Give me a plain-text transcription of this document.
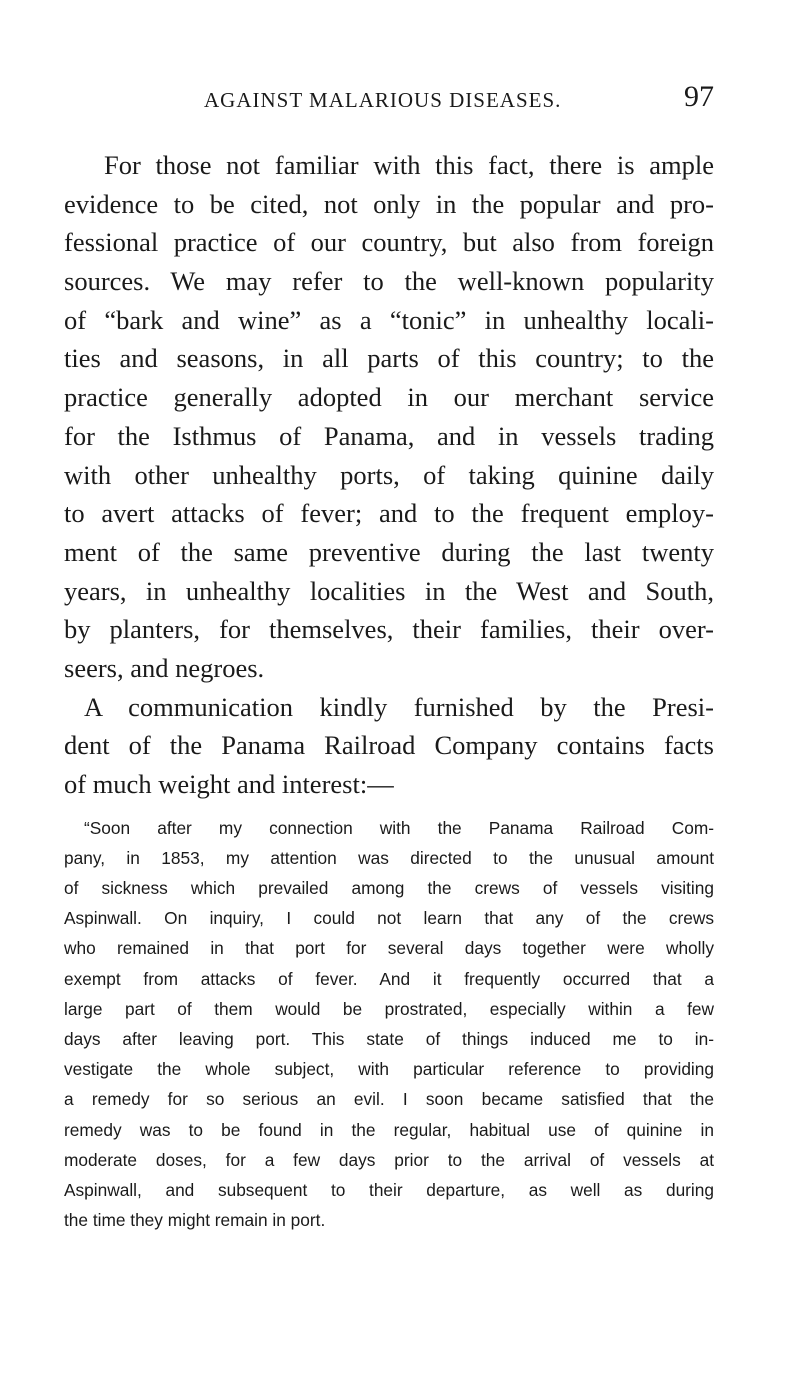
AGAINST MALARIOUS DISEASES.	97
For those not familiar with this fact, there is ample
evidence to be cited, not only in the popular and pro-
fessional practice of our country, but also from foreign
sources. We may refer to the well-known popularity
of “bark and wine” as a “tonic” in unhealthy locali-
ties and seasons, in all parts of this country; to the
practice generally adopted in our merchant service
for the Isthmus of Panama, and in vessels trading
with other unhealthy ports, of taking quinine daily
to avert attacks of fever; and to the frequent employ-
ment of the same preventive during the last twenty
years, in unhealthy localities in the West and South,
by planters, for themselves, their families, their over-
seers, and negroes.
A communication kindly furnished by the Presi-
dent of the Panama Railroad Company contains facts
of much weight and interest:—
“Soon after my connection with the Panama Railroad Com-
pany, in 1853, my attention was directed to the unusual amount
of sickness which prevailed among the crews of vessels visiting
Aspinwall. On inquiry, I could not learn that any of the crews
who remained in that port for several days together were wholly
exempt from attacks of fever. And it frequently occurred that a
large part of them would be prostrated, especially within a few
days after leaving port. This state of things induced me to in-
vestigate the whole subject, with particular reference to providing
a remedy for so serious an evil. I soon became satisfied that the
remedy was to be found in the regular, habitual use of quinine in
moderate doses, for a few days prior to the arrival of vessels at
Aspinwall, and subsequent to their departure, as well as during
the time they might remain in port.
